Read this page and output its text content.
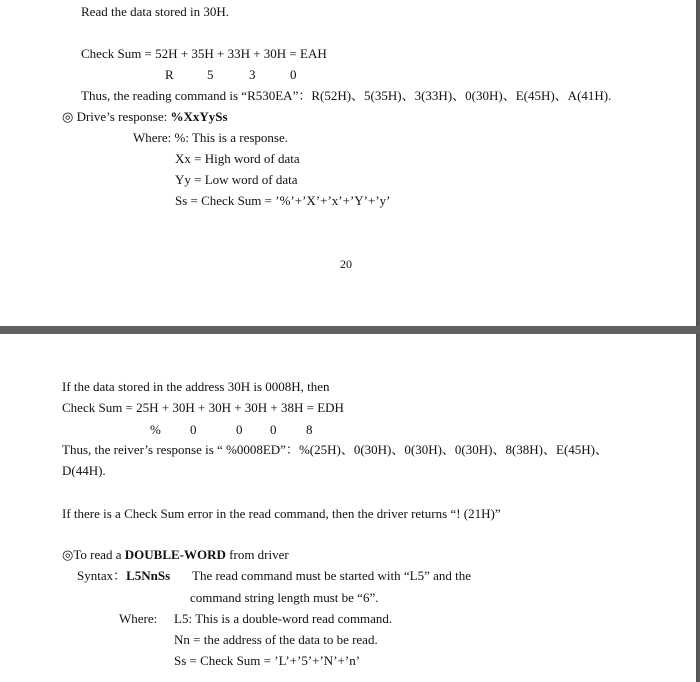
Read the data stored in 30H.
Check Sum = 52H + 35H + 33H + 30H = EAH
R	5	3	0
Thus, the reading command is “R530EA”：R(52H)、5(35H)、3(33H)、0(30H)、E(45H)、A(41H).
◎ Drive’s response: %XxYySs
Where: %: This is a response.
Xx = High word of data
Yy = Low word of data
Ss = Check Sum = ’%’+’X’+’x’+’Y’+’y’
20
If the data stored in the address 30H is 0008H, then
Check Sum = 25H + 30H + 30H + 30H + 38H = EDH
% 0	0 0 8
Thus, the reiver’s response is “ %0008ED”：%(25H)、0(30H)、0(30H)、0(30H)、8(38H)、E(45H)、
D(44H).
If there is a Check Sum error in the read command, then the driver returns “! (21H)”
◎To read a DOUBLE-WORD from driver
Syntax：L5NnSs The read command must be started with “L5” and the
command string length must be “6”.
Where: L5: This is a double-word read command.
Nn = the address of the data to be read.
Ss = Check Sum = ’L’+’5’+’N’+’n’
